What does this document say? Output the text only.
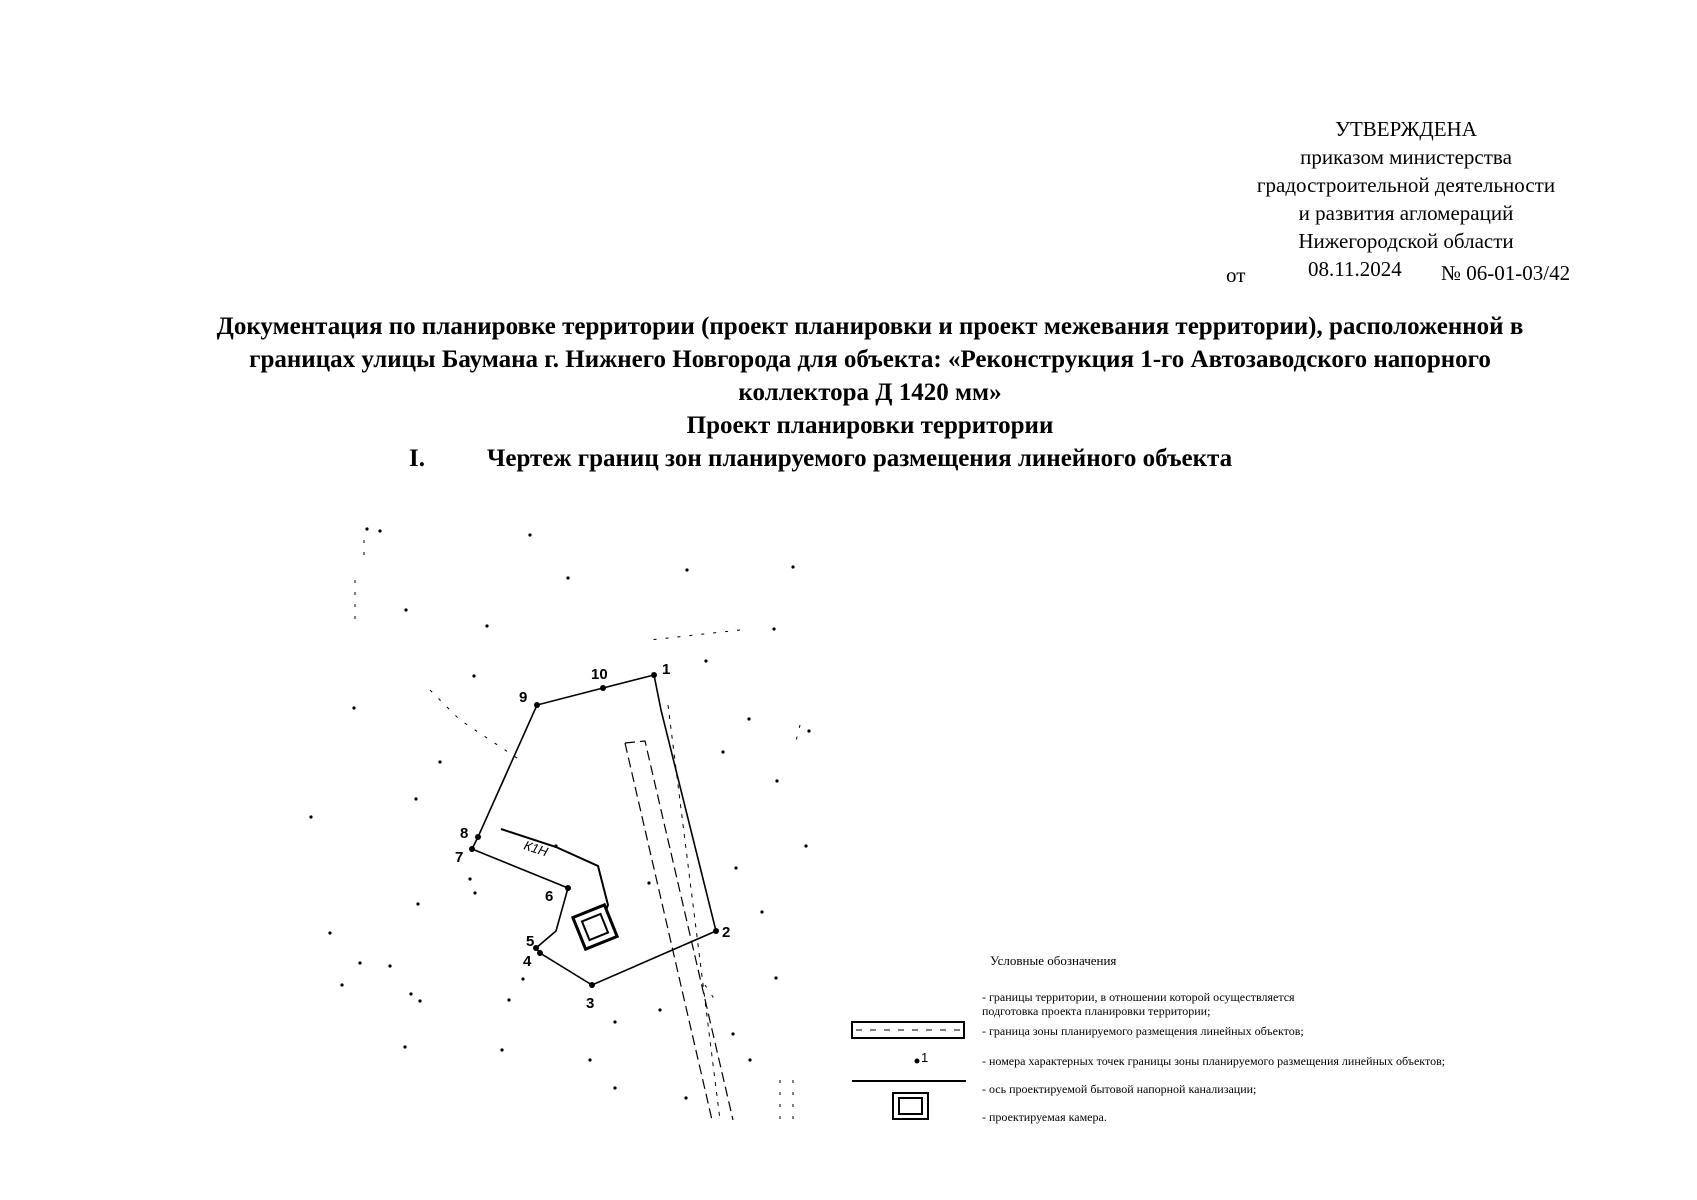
УТВЕРЖДЕНА
приказом министерства
градостроительной деятельности
и развития агломераций
Нижегородской области
от	08.11.2024 № 06-01-03/42
Документация по планировке территории (проект планировки и проект межевания территории), расположенной в
границах улицы Баумана г. Нижнего Новгорода для объекта: «Реконструкция 1-го Автозаводского напорного
коллектора Д 1420 мм»
Проект планировки территории
I. Чертеж границ зон планируемого размещения линейного объекта
1
2
3
4
5
6
7
8
9
10
К1Н
1
Условные обозначения
- границы территории, в отношении которой осуществляется подготовка проекта планировки территории;
- граница зоны планируемого размещения линейных объектов;
- номера характерных точек границы зоны планируемого размещения линейных объектов;
- ось проектируемой бытовой напорной канализации;
- проектируемая камера.
